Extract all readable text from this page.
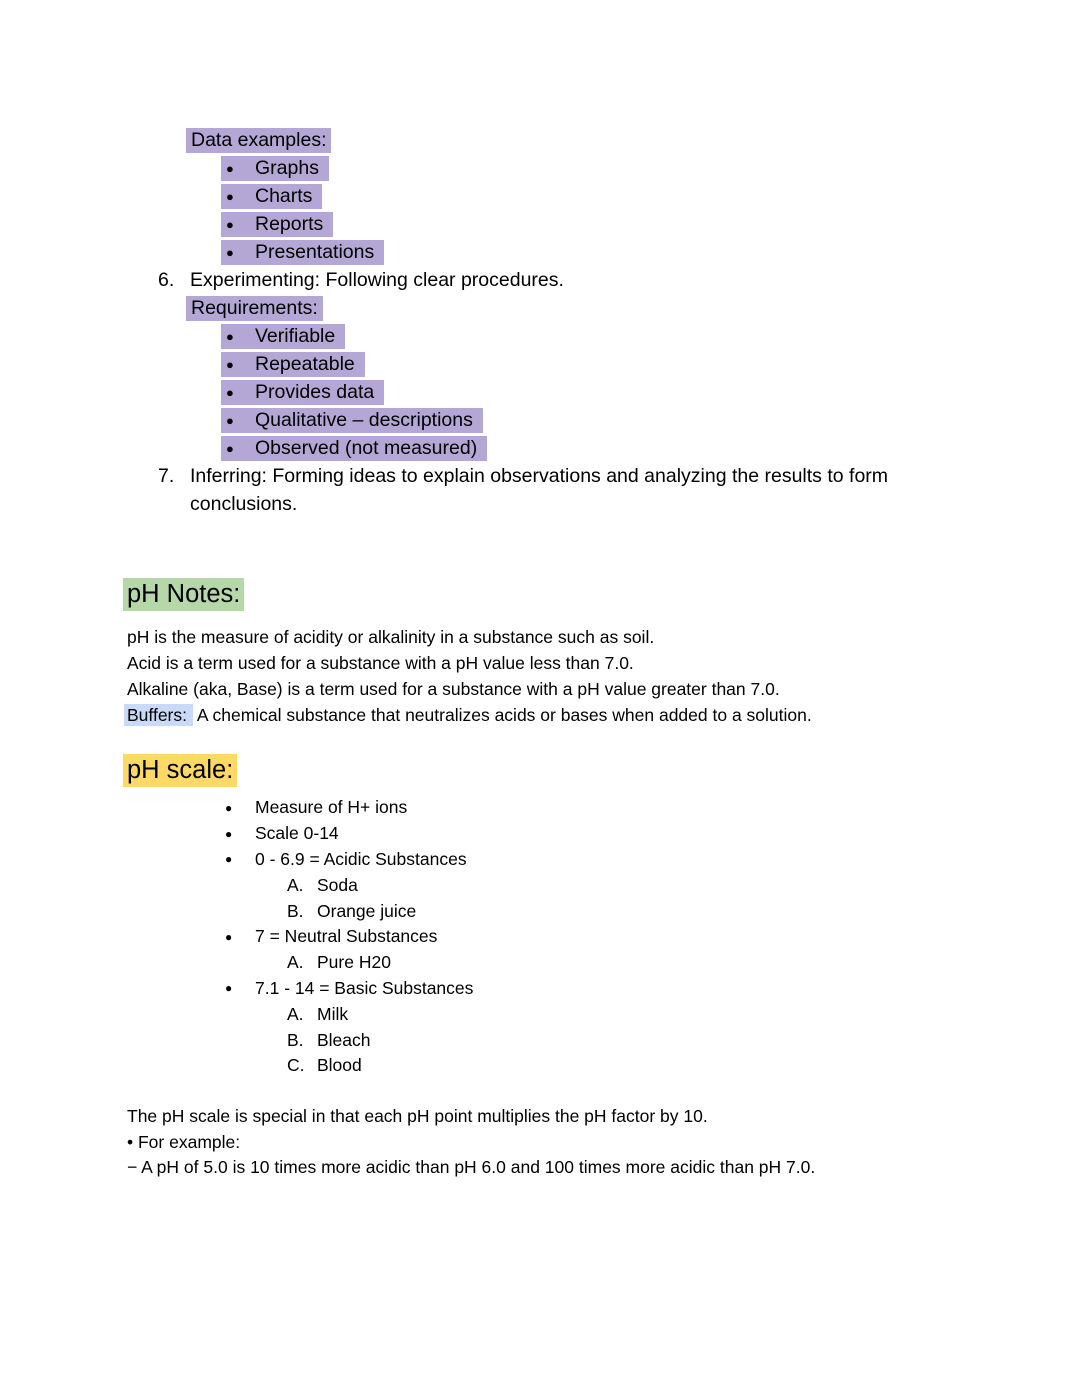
Data examples:
●	Graphs
●	Charts
●	Reports
●	Presentations
6. Experimenting: Following clear procedures.
Requirements:
●	Verifiable
●	Repeatable
●	Provides data
●	Qualitative – descriptions
●	Observed (not measured)
7. Inferring: Forming ideas to explain observations and analyzing the results to form conclusions.
pH Notes:
pH is the measure of acidity or alkalinity in a substance such as soil.
Acid is a term used for a substance with a pH value less than 7.0.
Alkaline (aka, Base) is a term used for a substance with a pH value greater than 7.0.
Buffers: A chemical substance that neutralizes acids or bases when added to a solution.
pH scale:
●	Measure of H+ ions
●	Scale 0-14
●	0 - 6.9 = Acidic Substances
A. Soda
B. Orange juice
●	7 = Neutral Substances
A. Pure H20
●	7.1 - 14 = Basic Substances
A. Milk
B. Bleach
C. Blood
The pH scale is special in that each pH point multiplies the pH factor by 10.
• For example:
− A pH of 5.0 is 10 times more acidic than pH 6.0 and 100 times more acidic than pH 7.0.
